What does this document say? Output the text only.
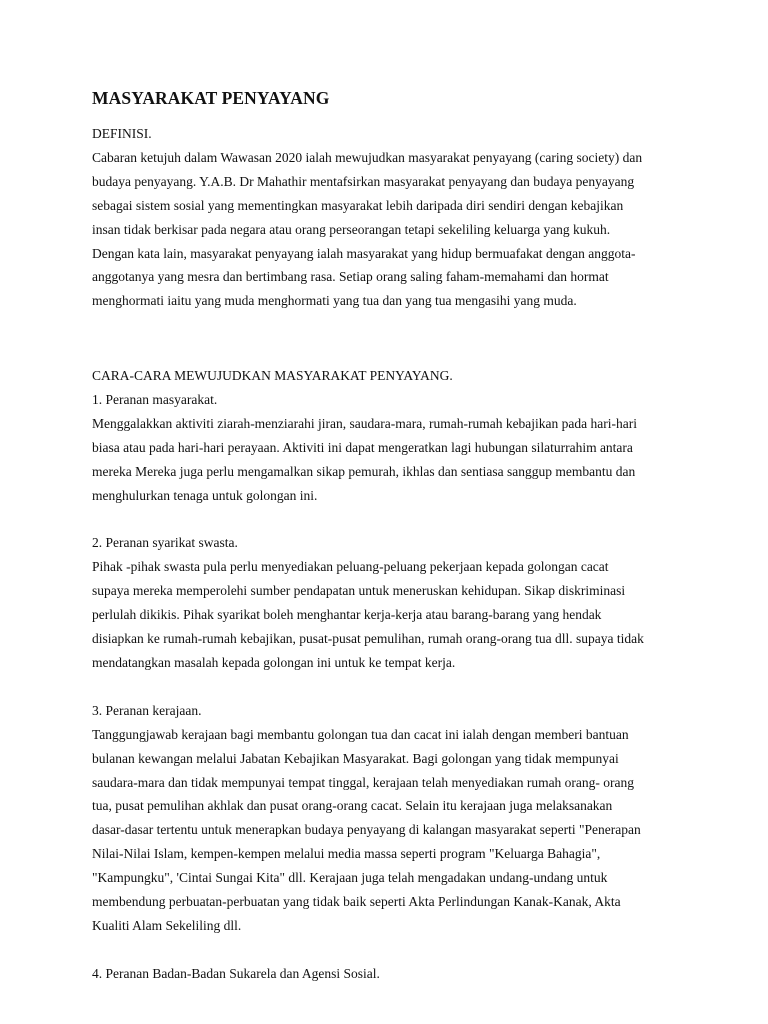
MASYARAKAT PENYAYANG
DEFINISI.
Cabaran ketujuh dalam Wawasan 2020 ialah mewujudkan masyarakat penyayang (caring society) dan
budaya penyayang. Y.A.B. Dr Mahathir mentafsirkan masyarakat penyayang dan budaya penyayang
sebagai sistem sosial yang mementingkan masyarakat lebih daripada diri sendiri dengan kebajikan
insan tidak berkisar pada negara atau orang perseorangan tetapi sekeliling keluarga yang kukuh.
Dengan kata lain, masyarakat penyayang ialah masyarakat yang hidup bermuafakat dengan anggota-
anggotanya yang mesra dan bertimbang rasa. Setiap orang saling faham-memahami dan hormat
menghormati iaitu yang muda menghormati yang tua dan yang tua mengasihi yang muda.
CARA-CARA MEWUJUDKAN MASYARAKAT PENYAYANG.
1. Peranan masyarakat.
Menggalakkan aktiviti ziarah-menziarahi jiran, saudara-mara, rumah-rumah kebajikan pada hari-hari
biasa atau pada hari-hari perayaan. Aktiviti ini dapat mengeratkan lagi hubungan silaturrahim antara
mereka Mereka juga perlu mengamalkan sikap pemurah, ikhlas dan sentiasa sanggup membantu dan
menghulurkan tenaga untuk golongan ini.
2. Peranan syarikat swasta.
Pihak -pihak swasta pula perlu menyediakan peluang-peluang pekerjaan kepada golongan cacat
supaya mereka memperolehi sumber pendapatan untuk meneruskan kehidupan. Sikap diskriminasi
perlulah dikikis. Pihak syarikat boleh menghantar kerja-kerja atau barang-barang yang hendak
disiapkan ke rumah-rumah kebajikan, pusat-pusat pemulihan, rumah orang-orang tua dll. supaya tidak
mendatangkan masalah kepada golongan ini untuk ke tempat kerja.
3. Peranan kerajaan.
Tanggungjawab kerajaan bagi membantu golongan tua dan cacat ini ialah dengan memberi bantuan
bulanan kewangan melalui Jabatan Kebajikan Masyarakat. Bagi golongan yang tidak mempunyai
saudara-mara dan tidak mempunyai tempat tinggal, kerajaan telah menyediakan rumah orang- orang
tua, pusat pemulihan akhlak dan pusat orang-orang cacat. Selain itu kerajaan juga melaksanakan
dasar-dasar tertentu untuk menerapkan budaya penyayang di kalangan masyarakat seperti "Penerapan
Nilai-Nilai Islam, kempen-kempen melalui media massa seperti program "Keluarga Bahagia",
"Kampungku", 'Cintai Sungai Kita" dll. Kerajaan juga telah mengadakan undang-undang untuk
membendung perbuatan-perbuatan yang tidak baik seperti Akta Perlindungan Kanak-Kanak, Akta
Kualiti Alam Sekeliling dll.
4. Peranan Badan-Badan Sukarela dan Agensi Sosial.
